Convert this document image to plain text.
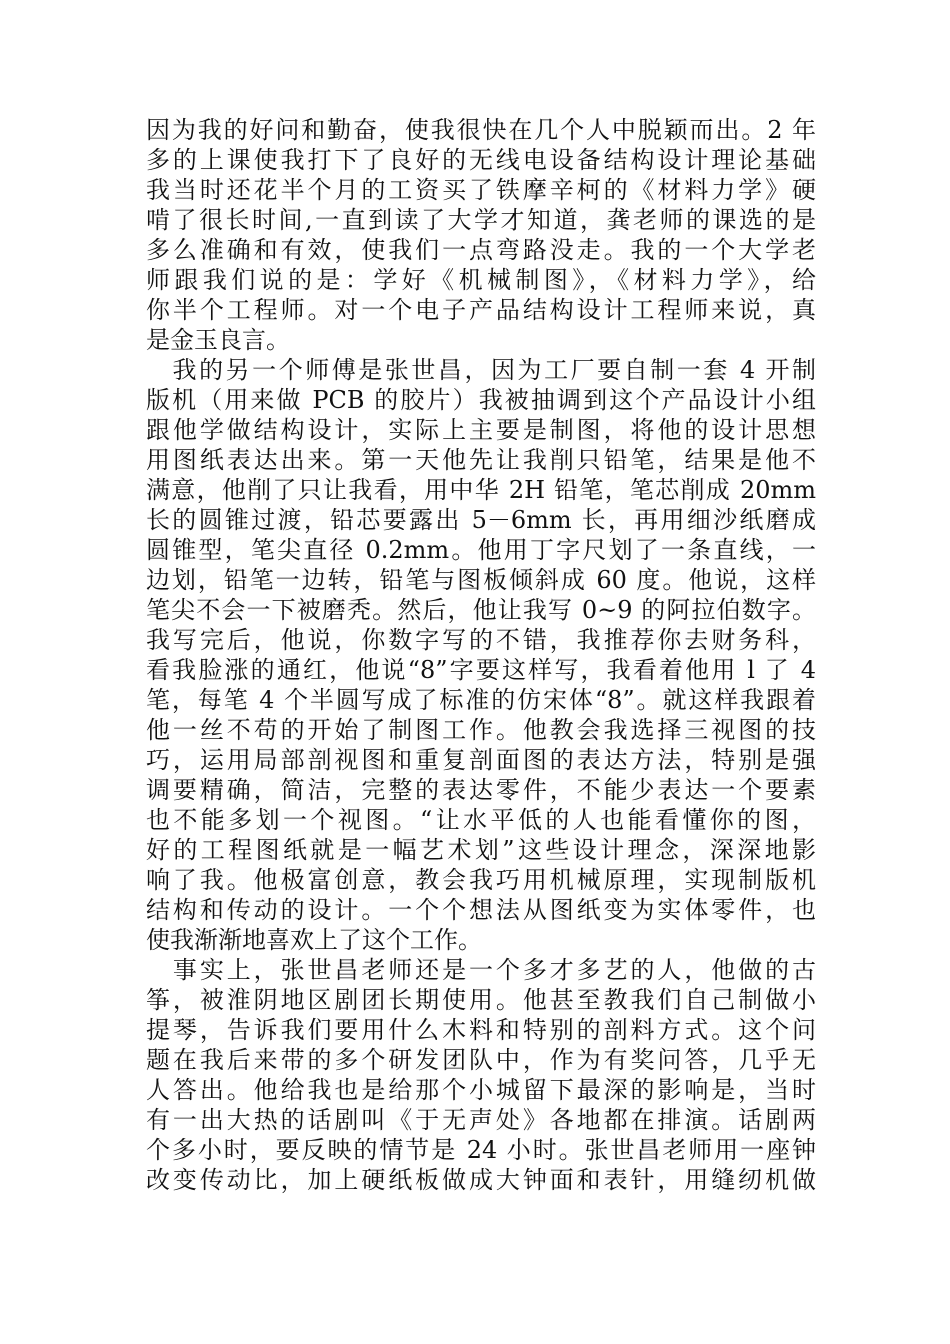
因为我的好问和勤奋，使我很快在几个人中脱颖而出。2 年
多的上课使我打下了良好的无线电设备结构设计理论基础
我当时还花半个月的工资买了铁摩辛柯的《材料力学》硬
啃了很长时间,一直到读了大学才知道，龚老师的课选的是
多么准确和有效，使我们一点弯路没走。我的一个大学老
师跟我们说的是：学好《机械制图》，《材料力学》，给
你半个工程师。对一个电子产品结构设计工程师来说，真
是金玉良言。
　我的另一个师傅是张世昌，因为工厂要自制一套 4 开制
版机（用来做 PCB 的胶片）我被抽调到这个产品设计小组
跟他学做结构设计，实际上主要是制图，将他的设计思想
用图纸表达出来。第一天他先让我削只铅笔，结果是他不
满意，他削了只让我看，用中华 2H 铅笔，笔芯削成 20mm
长的圆锥过渡，铅芯要露出 5－6mm 长，再用细沙纸磨成
圆锥型，笔尖直径 0.2mm。他用丁字尺划了一条直线，一
边划，铅笔一边转，铅笔与图板倾斜成 60 度。他说，这样
笔尖不会一下被磨秃。然后，他让我写 0~9 的阿拉伯数字。
我写完后，他说，你数字写的不错，我推荐你去财务科，
看我脸涨的通红，他说“8”字要这样写，我看着他用 l 了 4
笔，每笔 4 个半圆写成了标准的仿宋体“8”。就这样我跟着
他一丝不苟的开始了制图工作。他教会我选择三视图的技
巧，运用局部剖视图和重复剖面图的表达方法，特别是强
调要精确，简洁，完整的表达零件，不能少表达一个要素
也不能多划一个视图。“让水平低的人也能看懂你的图，
好的工程图纸就是一幅艺术划”这些设计理念，深深地影
响了我。他极富创意，教会我巧用机械原理，实现制版机
结构和传动的设计。一个个想法从图纸变为实体零件，也
使我渐渐地喜欢上了这个工作。
　事实上，张世昌老师还是一个多才多艺的人，他做的古
筝，被淮阴地区剧团长期使用。他甚至教我们自己制做小
提琴，告诉我们要用什么木料和特别的剖料方式。这个问
题在我后来带的多个研发团队中，作为有奖问答，几乎无
人答出。他给我也是给那个小城留下最深的影响是，当时
有一出大热的话剧叫《于无声处》各地都在排演。话剧两
个多小时，要反映的情节是 24 小时。张世昌老师用一座钟
改变传动比，加上硬纸板做成大钟面和表针，用缝纫机做
